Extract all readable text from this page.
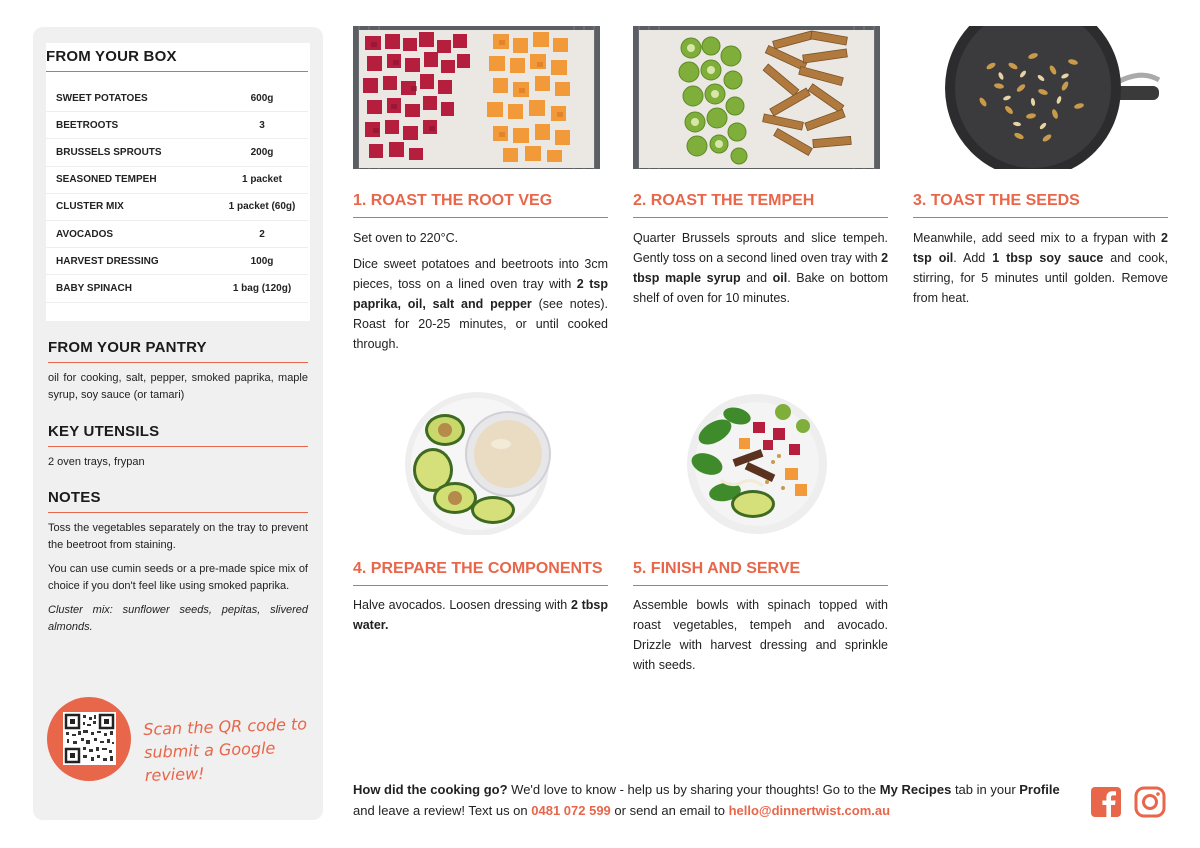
FROM YOUR BOX
SWEET POTATOES	600g
BEETROOTS	3
BRUSSELS SPROUTS	200g
SEASONED TEMPEH	1 packet
CLUSTER MIX	1 packet (60g)
AVOCADOS	2
HARVEST DRESSING	100g
BABY SPINACH	1 bag (120g)
FROM YOUR PANTRY
oil for cooking, salt, pepper, smoked paprika, maple syrup, soy sauce (or tamari)
KEY UTENSILS
2 oven trays, frypan
NOTES

Toss the vegetables separately on the tray to prevent the beetroot from staining.

You can use cumin seeds or a pre-made spice mix of choice if you don't feel like using smoked paprika.

Cluster mix: sunflower seeds, pepitas, slivered almonds.

Scan the QR code to submit a Google review!
1. ROAST THE ROOT VEG

Set oven to 220°C.

Dice sweet potatoes and beetroots into 3cm pieces, toss on a lined oven tray with 2 tsp paprika, oil, salt and pepper (see notes). Roast for 20-25 minutes, or until cooked through.

2. ROAST THE TEMPEH

Quarter Brussels sprouts and slice tempeh. Gently toss on a second lined oven tray with 2 tbsp maple syrup and oil. Bake on bottom shelf of oven for 10 minutes.

3. TOAST THE SEEDS

Meanwhile, add seed mix to a frypan with 2 tsp oil. Add 1 tbsp soy sauce and cook, stirring, for 5 minutes until golden. Remove from heat.

4. PREPARE THE COMPONENTS

Halve avocados. Loosen dressing with 2 tbsp water.

5. FINISH AND SERVE

Assemble bowls with spinach topped with roast vegetables, tempeh and avocado. Drizzle with harvest dressing and sprinkle with seeds.

How did the cooking go? We'd love to know - help us by sharing your thoughts! Go to the My Recipes tab in your Profile and leave a review! Text us on 0481 072 599 or send an email to hello@dinnertwist.com.au
